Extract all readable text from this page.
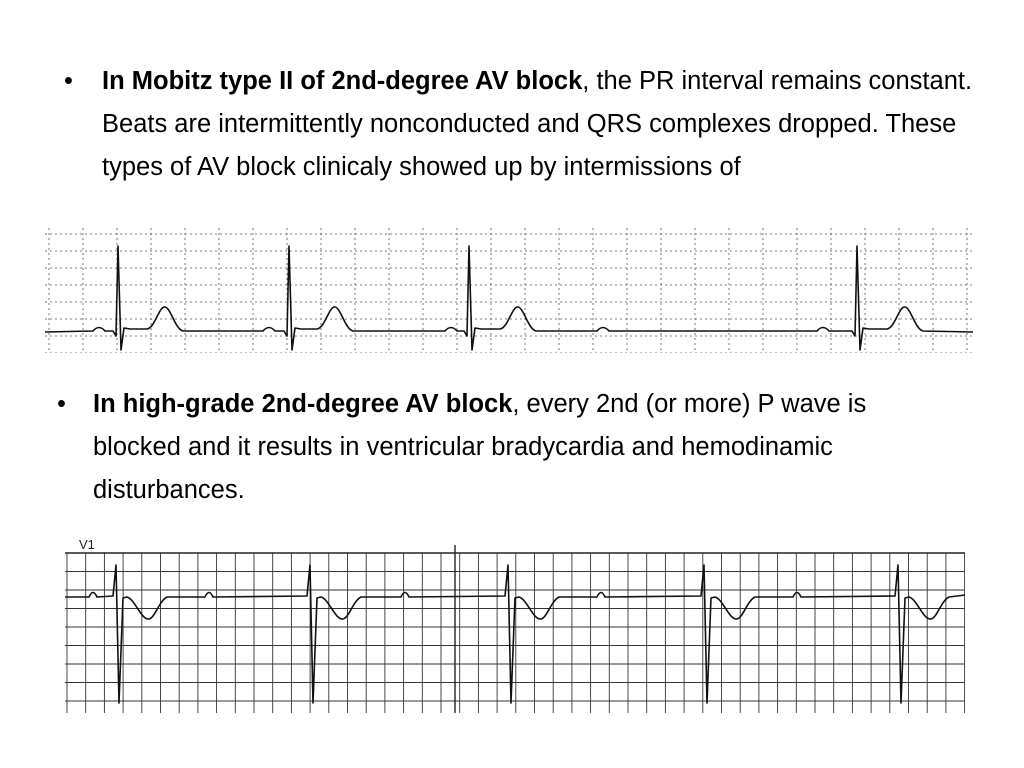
• In Mobitz type II of 2nd-degree AV block, the PR interval remains constant. Beats are intermittently nonconducted and QRS complexes dropped. These types of AV block clinicaly showed up by intermissions of
• In high-grade 2nd-degree AV block, every 2nd (or more) P wave is blocked and it results in ventricular bradycardia and hemodinamic disturbances.
V1
